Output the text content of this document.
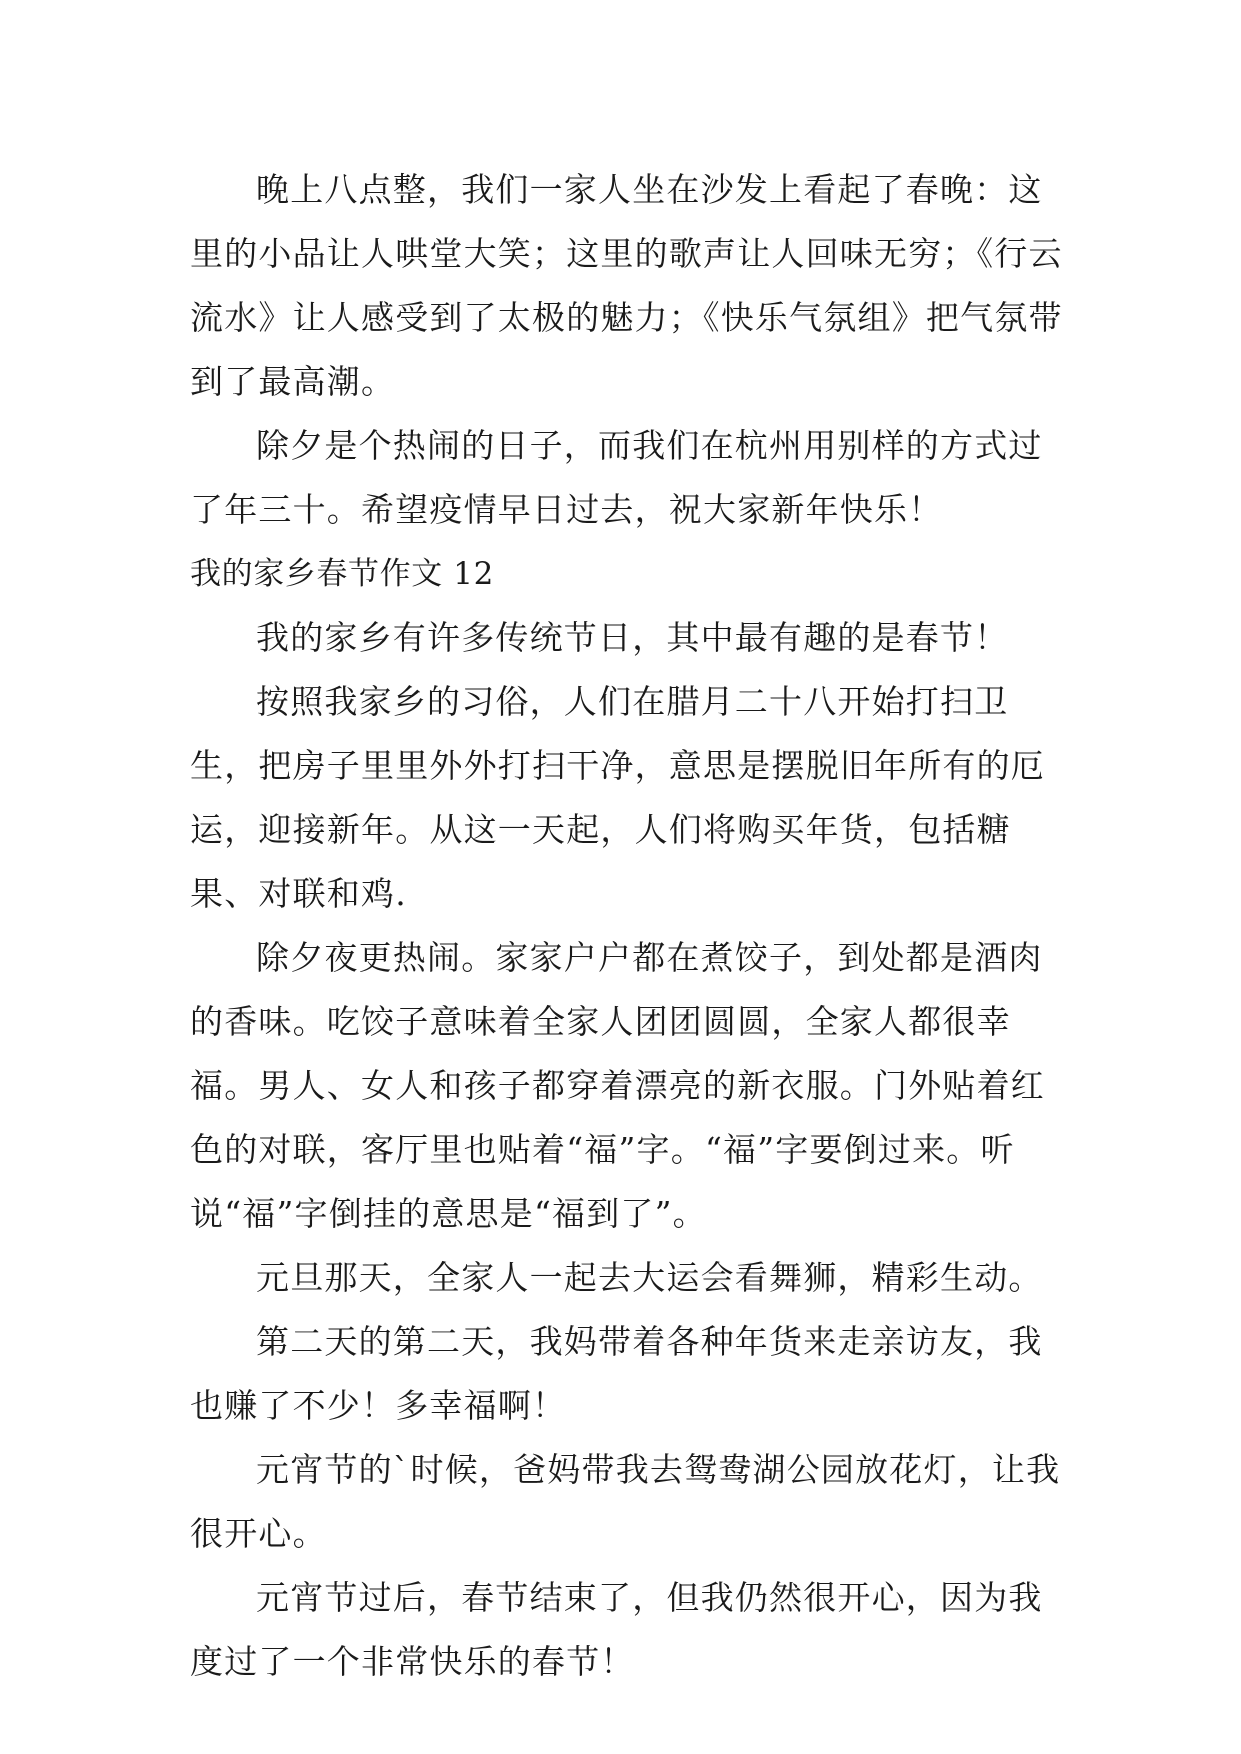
晚上八点整，我们一家人坐在沙发上看起了春晚：这里的小品让人哄堂大笑；这里的歌声让人回味无穷；《行云流水》让人感受到了太极的魅力；《快乐气氛组》把气氛带到了最高潮。

除夕是个热闹的日子，而我们在杭州用别样的方式过了年三十。希望疫情早日过去，祝大家新年快乐！

我的家乡春节作文 12

我的家乡有许多传统节日，其中最有趣的是春节！

按照我家乡的习俗，人们在腊月二十八开始打扫卫生，把房子里里外外打扫干净，意思是摆脱旧年所有的厄运，迎接新年。从这一天起，人们将购买年货，包括糖果、对联和鸡.

除夕夜更热闹。家家户户都在煮饺子，到处都是酒肉的香味。吃饺子意味着全家人团团圆圆，全家人都很幸福。男人、女人和孩子都穿着漂亮的新衣服。门外贴着红色的对联，客厅里也贴着“福”字。“福”字要倒过来。听说“福”字倒挂的意思是“福到了”。

元旦那天，全家人一起去大运会看舞狮，精彩生动。

第二天的第二天，我妈带着各种年货来走亲访友，我也赚了不少！多幸福啊！

元宵节的`时候，爸妈带我去鸳鸯湖公园放花灯，让我很开心。

元宵节过后，春节结束了，但我仍然很开心，因为我度过了一个非常快乐的春节！
